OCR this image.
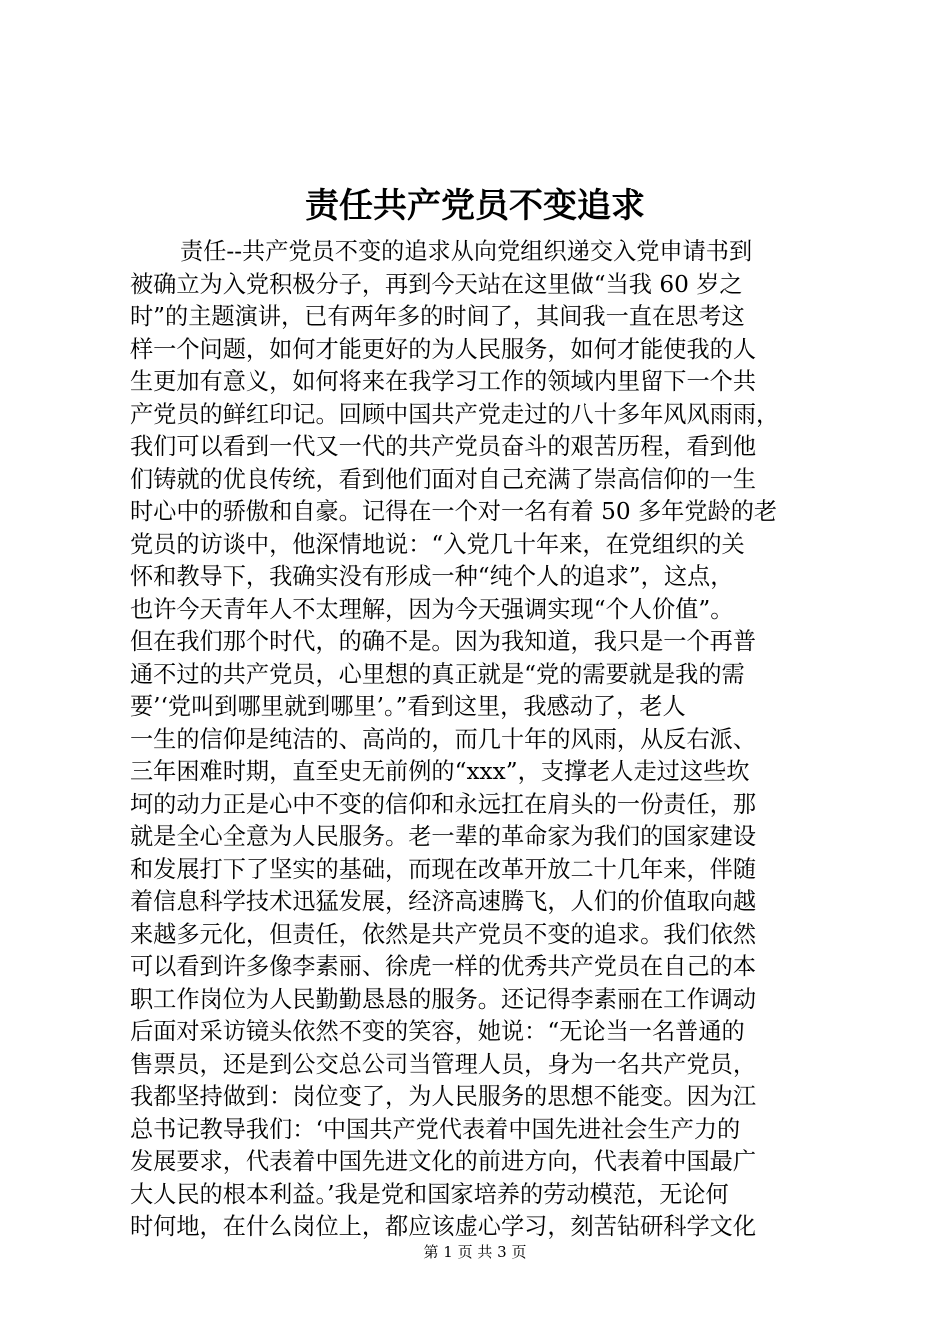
责任共产党员不变追求
责任--共产党员不变的追求从向党组织递交入党申请书到
被确立为入党积极分子，再到今天站在这里做“当我 60 岁之
时”的主题演讲，已有两年多的时间了，其间我一直在思考这
样一个问题，如何才能更好的为人民服务，如何才能使我的人
生更加有意义，如何将来在我学习工作的领域内里留下一个共
产党员的鲜红印记。回顾中国共产党走过的八十多年风风雨雨，
我们可以看到一代又一代的共产党员奋斗的艰苦历程，看到他
们铸就的优良传统，看到他们面对自己充满了崇高信仰的一生
时心中的骄傲和自豪。记得在一个对一名有着 50 多年党龄的老
党员的访谈中，他深情地说：“入党几十年来，在党组织的关
怀和教导下，我确实没有形成一种“纯个人的追求”，这点，
也许今天青年人不太理解，因为今天强调实现“个人价值”。
但在我们那个时代，的确不是。因为我知道，我只是一个再普
通不过的共产党员，心里想的真正就是“党的需要就是我的需
要’‘党叫到哪里就到哪里’。”看到这里，我感动了，老人
一生的信仰是纯洁的、高尚的，而几十年的风雨，从反右派、
三年困难时期，直至史无前例的“xxx”，支撑老人走过这些坎
坷的动力正是心中不变的信仰和永远扛在肩头的一份责任，那
就是全心全意为人民服务。老一辈的革命家为我们的国家建设
和发展打下了坚实的基础，而现在改革开放二十几年来，伴随
着信息科学技术迅猛发展，经济高速腾飞，人们的价值取向越
来越多元化，但责任，依然是共产党员不变的追求。我们依然
可以看到许多像李素丽、徐虎一样的优秀共产党员在自己的本
职工作岗位为人民勤勤恳恳的服务。还记得李素丽在工作调动
后面对采访镜头依然不变的笑容，她说：“无论当一名普通的
售票员，还是到公交总公司当管理人员，身为一名共产党员，
我都坚持做到：岗位变了，为人民服务的思想不能变。因为江
总书记教导我们：‘中国共产党代表着中国先进社会生产力的
发展要求，代表着中国先进文化的前进方向，代表着中国最广
大人民的根本利益。’我是党和国家培养的劳动模范，无论何
时何地，在什么岗位上，都应该虚心学习，刻苦钻研科学文化
第 1 页 共 3 页
